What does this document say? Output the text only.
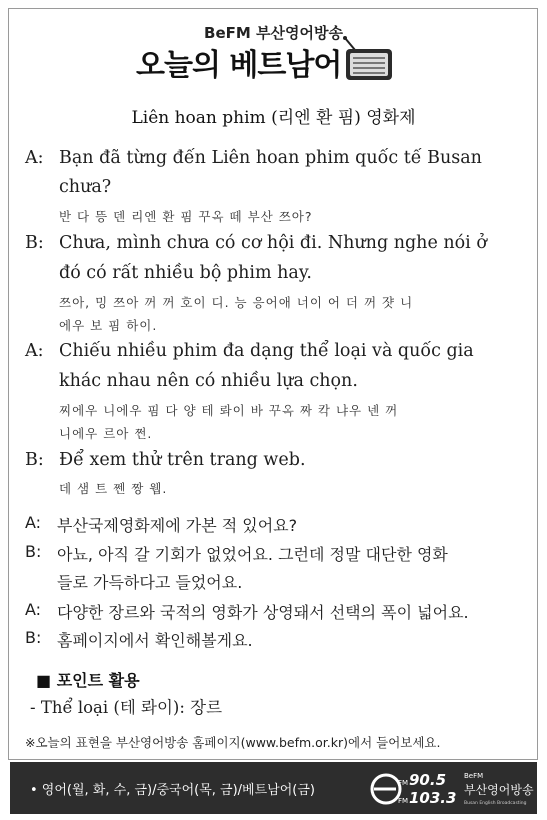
BeFM 부산영어방송
오늘의 베트남어
Liên hoan phim (리엔 환 핌) 영화제
A: Bạn đã từng đến Liên hoan phim quốc tế Busan
chưa?
반 다 뜽 덴 리엔 환 핌 꾸옥 떼 부산 쯔아?
B: Chưa, mình chưa có cơ hội đi. Nhưng nghe nói ở
đó có rất nhiều bộ phim hay.
쯔아, 밍 쯔아 꺼 꺼 호이 디. 능 응어애 너이 어 더 꺼 쟛 니
에우 보 핌 하이.
A: Chiếu nhiều phim đa dạng thể loại và quốc gia
khác nhau nên có nhiều lựa chọn.
찌에우 니에우 핌 다 양 테 롸이 바 꾸옥 짜 칵 냐우 넨 꺼
니에우 르아 쩐.
B: Để xem thử trên trang web.
데 샘 트 쩬 짱 웹.
A: 부산국제영화제에 가본 적 있어요?
B: 아뇨, 아직 갈 기회가 없었어요. 그런데 정말 대단한 영화
들로 가득하다고 들었어요.
A: 다양한 장르와 국적의 영화가 상영돼서 선택의 폭이 넓어요.
B: 홈페이지에서 확인해볼게요.
■ 포인트 활용
- Thể loại (테 롸이): 장르
※오늘의 표현을 부산영어방송 홈페이지(www.befm.or.kr)에서 들어보세요.
• 영어(월, 화, 수, 금)/중국어(목, 금)/베트남어(금)	FM 90.5
FM 103.3
BeFM
부산영어방송
Busan English Broadcasting
